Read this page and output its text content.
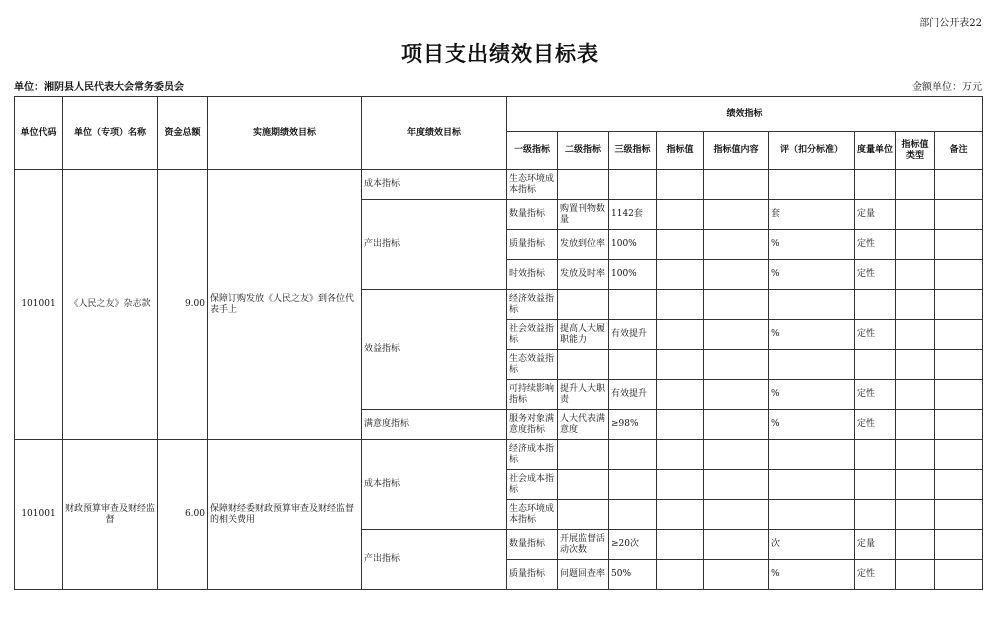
部门公开表22
项目支出绩效目标表
单位：湘阴县人民代表大会常务委员会	金额单位：万元
单位代码	单位（专项）名称	资金总额	实施期绩效目标	年度绩效目标	绩效指标								
					一级指标	二级指标	三级指标	指标值	指标值内容	评（扣分标准）	度量单位	指标值类型	备注
101001	《人民之友》杂志款	9.00	保障订购发放《人民之友》到各位代表手上	成本指标	生态环境成本指标								
				产出指标	数量指标	购置刊物数量	1142套			套	定量		
					质量指标	发放到位率	100%			%	定性		
					时效指标	发放及时率	100%			%	定性		
				效益指标	经济效益指标								
					社会效益指标	提高人大履职能力	有效提升			%	定性		
					生态效益指标								
					可持续影响指标	提升人大职责	有效提升			%	定性		
				满意度指标	服务对象满意度指标	人大代表满意度	≥98%			%	定性		
101001	财政预算审查及财经监督	6.00	保障财经委财政预算审查及财经监督的相关费用	成本指标	经济成本指标								
					社会成本指标								
					生态环境成本指标								
				产出指标	数量指标	开展监督活动次数	≥20次			次	定量		
					质量指标	问题回查率	50%			%	定性		
